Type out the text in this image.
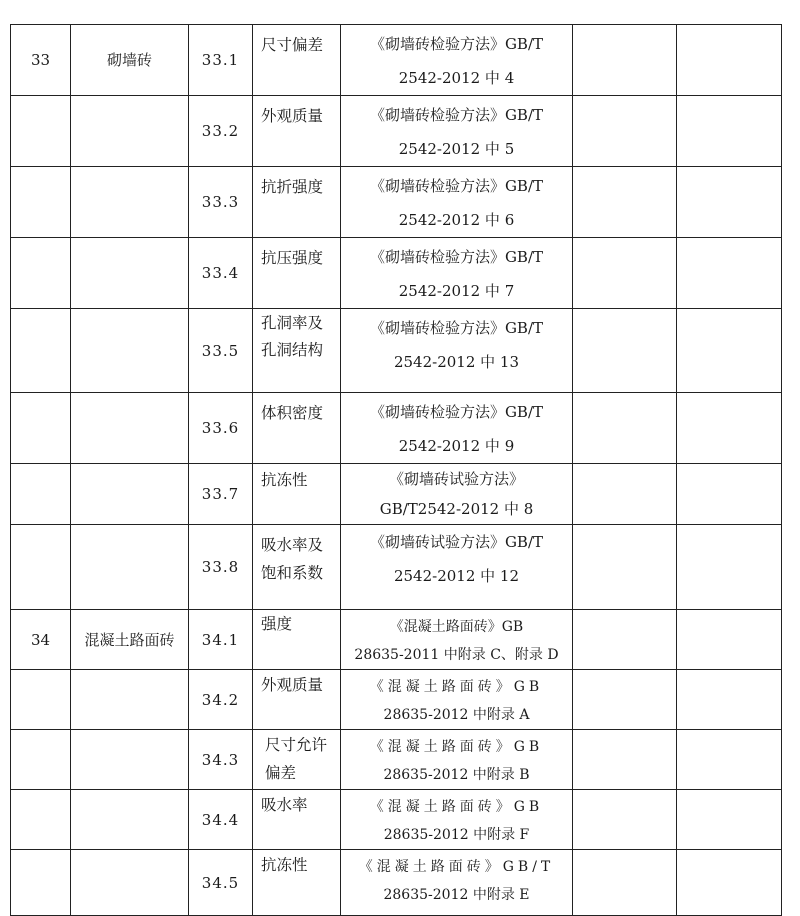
33	砌墙砖	33.1	尺寸偏差	《砌墙砖检验方法》GB/T
2542-2012 中 4		

		33.2	外观质量	《砌墙砖检验方法》GB/T
2542-2012 中 5		

		33.3	抗折强度	《砌墙砖检验方法》GB/T
2542-2012 中 6		

		33.4	抗压强度	《砌墙砖检验方法》GB/T
2542-2012 中 7		

		33.5	孔洞率及孔洞结构	《砌墙砖检验方法》GB/T
2542-2012 中 13		

		33.6	体积密度	《砌墙砖检验方法》GB/T
2542-2012 中 9		

		33.7	抗冻性	《砌墙砖试验方法》
GB/T2542-2012 中 8		

		33.8	吸水率及饱和系数	《砌墙砖试验方法》GB/T
2542-2012 中 12		

34	混凝土路面砖	34.1	强度	《混凝土路面砖》GB
28635-2011 中附录 C、附录 D		

		34.2	外观质量	《混凝土路面砖》GB
28635-2012 中附录 A		

		34.3	尺寸允许偏差	《混凝土路面砖》GB
28635-2012 中附录 B		

		34.4	吸水率	《混凝土路面砖》GB
28635-2012 中附录 F		

		34.5	抗冻性	《混凝土路面砖》GB/T
28635-2012 中附录 E		
